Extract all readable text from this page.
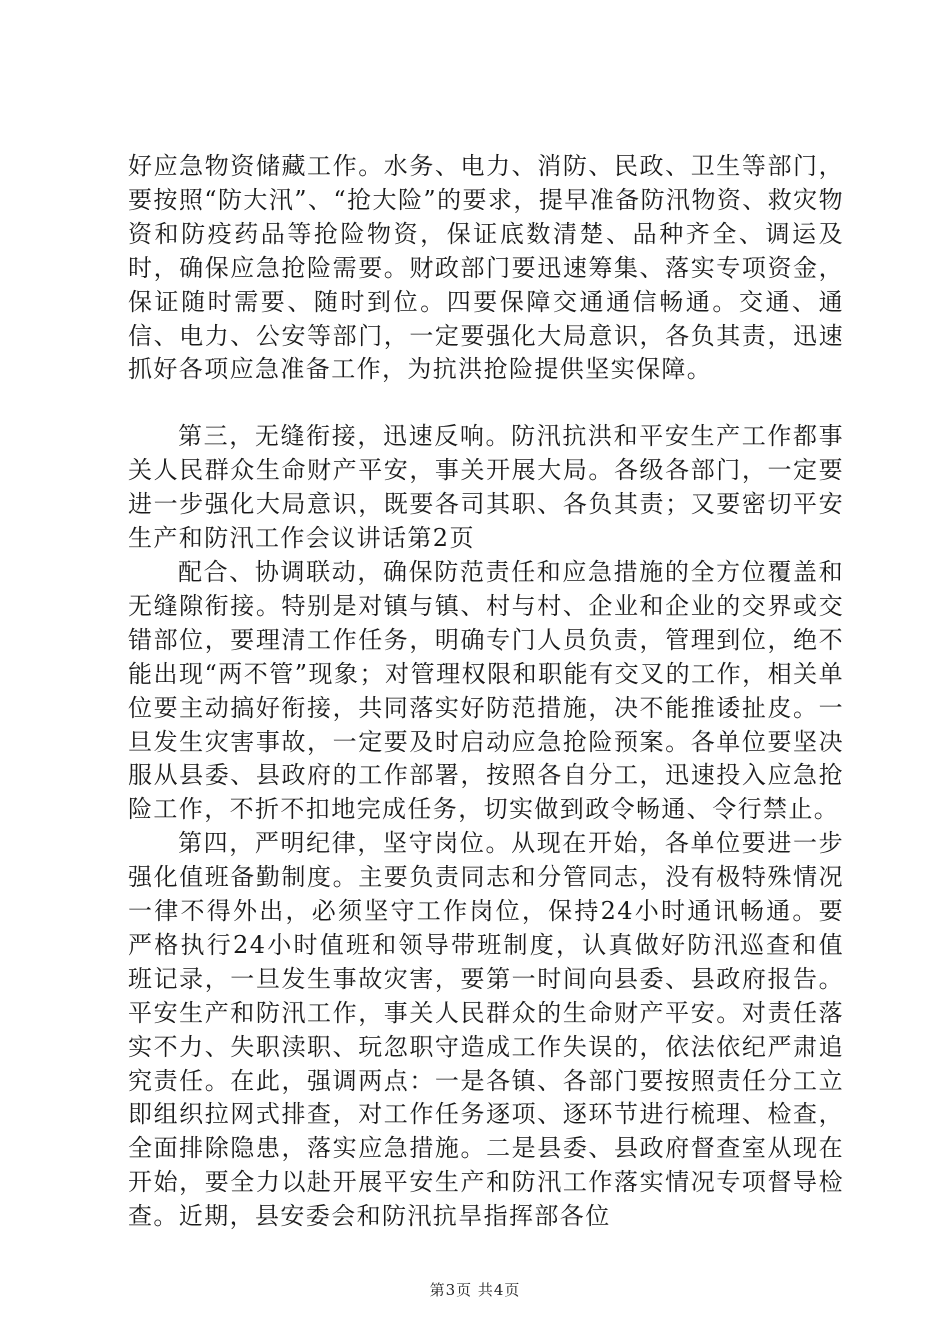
好应急物资储藏工作。水务、电力、消防、民政、卫生等部门，要按照“防大汛”、“抢大险”的要求，提早准备防汛物资、救灾物资和防疫药品等抢险物资，保证底数清楚、品种齐全、调运及时，确保应急抢险需要。财政部门要迅速筹集、落实专项资金，保证随时需要、随时到位。四要保障交通通信畅通。交通、通信、电力、公安等部门，一定要强化大局意识，各负其责，迅速抓好各项应急准备工作，为抗洪抢险提供坚实保障。

第三，无缝衔接，迅速反响。防汛抗洪和平安生产工作都事关人民群众生命财产平安，事关开展大局。各级各部门，一定要进一步强化大局意识，既要各司其职、各负其责；又要密切平安生产和防汛工作会议讲话第2页

配合、协调联动，确保防范责任和应急措施的全方位覆盖和无缝隙衔接。特别是对镇与镇、村与村、企业和企业的交界或交错部位，要理清工作任务，明确专门人员负责，管理到位，绝不能出现“两不管”现象；对管理权限和职能有交叉的工作，相关单位要主动搞好衔接，共同落实好防范措施，决不能推诿扯皮。一旦发生灾害事故，一定要及时启动应急抢险预案。各单位要坚决服从县委、县政府的工作部署，按照各自分工，迅速投入应急抢险工作，不折不扣地完成任务，切实做到政令畅通、令行禁止。

第四，严明纪律，坚守岗位。从现在开始，各单位要进一步强化值班备勤制度。主要负责同志和分管同志，没有极特殊情况一律不得外出，必须坚守工作岗位，保持24小时通讯畅通。要严格执行24小时值班和领导带班制度，认真做好防汛巡查和值班记录，一旦发生事故灾害，要第一时间向县委、县政府报告。平安生产和防汛工作，事关人民群众的生命财产平安。对责任落实不力、失职渎职、玩忽职守造成工作失误的，依法依纪严肃追究责任。在此，强调两点：一是各镇、各部门要按照责任分工立即组织拉网式排查，对工作任务逐项、逐环节进行梳理、检查，全面排除隐患，落实应急措施。二是县委、县政府督查室从现在开始，要全力以赴开展平安生产和防汛工作落实情况专项督导检查。近期，县安委会和防汛抗旱指挥部各位

第3页 共4页
